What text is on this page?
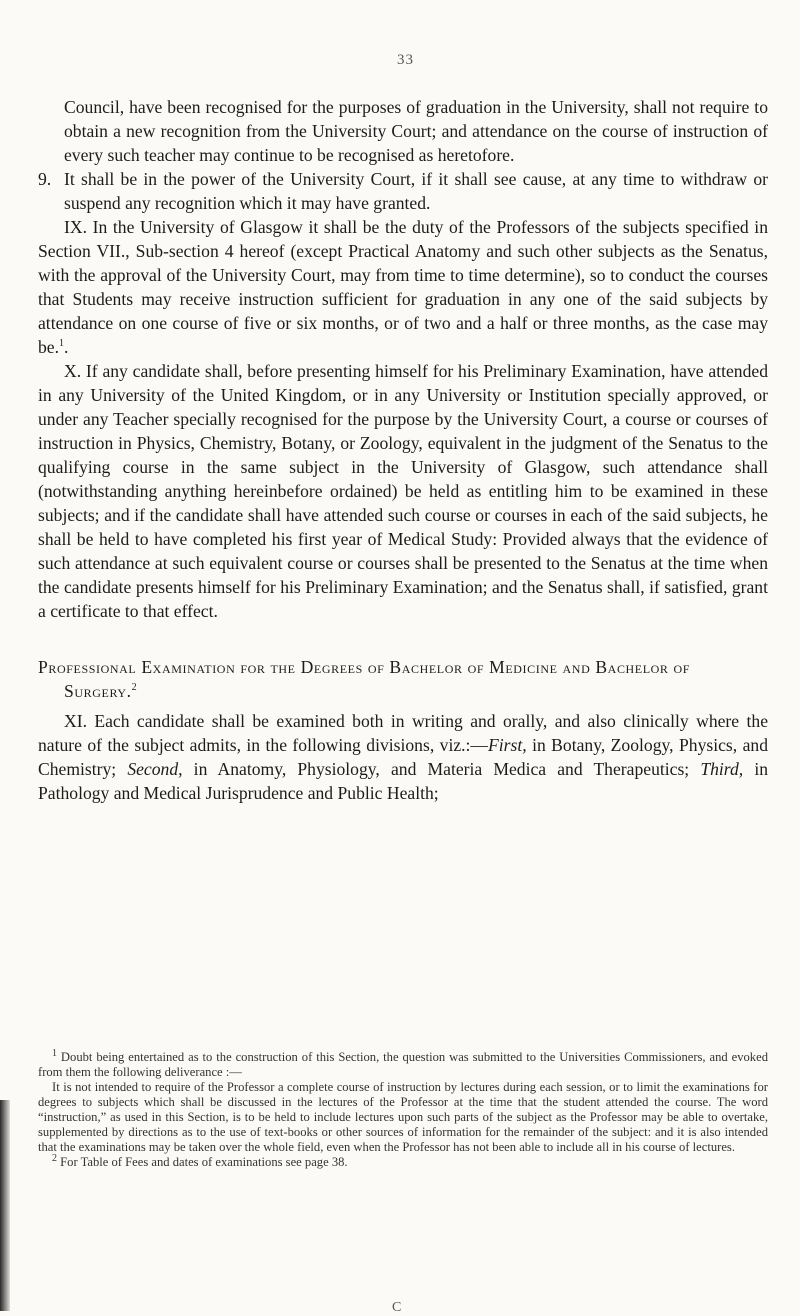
33

Council, have been recognised for the purposes of graduation in the University, shall not require to obtain a new recognition from the University Court; and attendance on the course of instruction of every such teacher may continue to be recognised as heretofore.

9. It shall be in the power of the University Court, if it shall see cause, at any time to withdraw or suspend any recognition which it may have granted.

IX. In the University of Glasgow it shall be the duty of the Professors of the subjects specified in Section VII., Sub-section 4 hereof (except Practical Anatomy and such other subjects as the Senatus, with the approval of the University Court, may from time to time determine), so to conduct the courses that Students may receive instruction sufficient for graduation in any one of the said subjects by attendance on one course of five or six months, or of two and a half or three months, as the case may be.$^1$.

X. If any candidate shall, before presenting himself for his Preliminary Examination, have attended in any University of the United Kingdom, or in any University or Institution specially approved, or under any Teacher specially recognised for the purpose by the University Court, a course or courses of instruction in Physics, Chemistry, Botany, or Zoology, equivalent in the judgment of the Senatus to the qualifying course in the same subject in the University of Glasgow, such attendance shall (notwithstanding anything hereinbefore ordained) be held as entitling him to be examined in these subjects; and if the candidate shall have attended such course or courses in each of the said subjects, he shall be held to have completed his first year of Medical Study: Provided always that the evidence of such attendance at such equivalent course or courses shall be presented to the Senatus at the time when the candidate presents himself for his Preliminary Examination; and the Senatus shall, if satisfied, grant a certificate to that effect.

Professional Examination for the Degrees of Bachelor of Medicine and Bachelor of Surgery.$^2$

XI. Each candidate shall be examined both in writing and orally, and also clinically where the nature of the subject admits, in the following divisions, viz.:—First, in Botany, Zoology, Physics, and Chemistry; Second, in Anatomy, Physiology, and Materia Medica and Therapeutics; Third, in Pathology and Medical Jurisprudence and Public Health;

$^1$ Doubt being entertained as to the construction of this Section, the question was submitted to the Universities Commissioners, and evoked from them the following deliverance :—

It is not intended to require of the Professor a complete course of instruction by lectures during each session, or to limit the examinations for degrees to subjects which shall be discussed in the lectures of the Professor at the time that the student attended the course. The word “instruction,” as used in this Section, is to be held to include lectures upon such parts of the subject as the Professor may be able to overtake, supplemented by directions as to the use of text-books or other sources of information for the remainder of the subject: and it is also intended that the examinations may be taken over the whole field, even when the Professor has not been able to include all in his course of lectures.

$^2$ For Table of Fees and dates of examinations see page 38.

C
